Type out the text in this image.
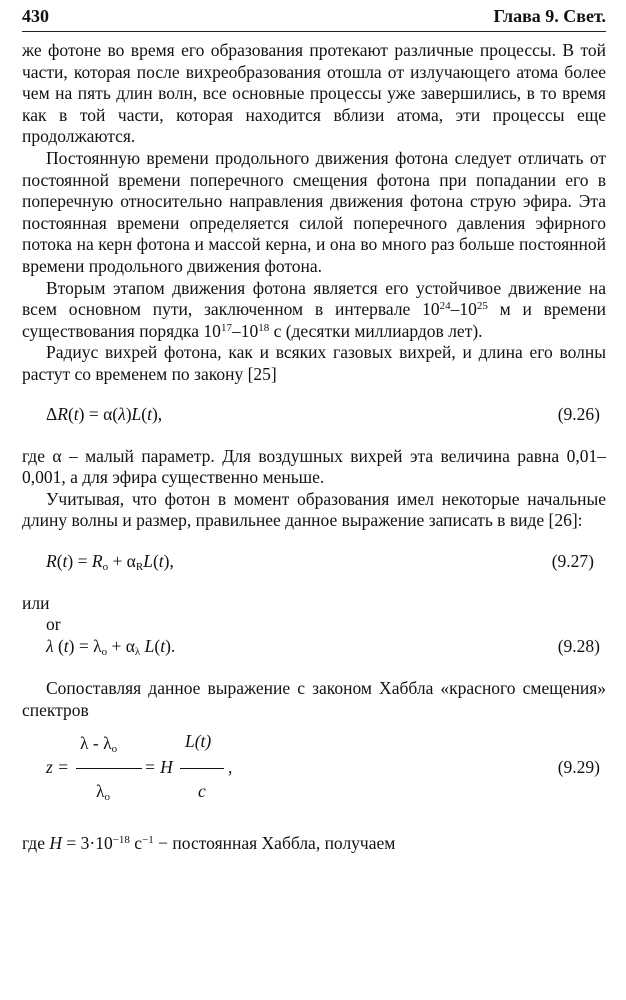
430	Глава 9. Свет.

же фотоне во время его образования протекают различные процессы. В той части, которая после вихреобразования отошла от излучающего атома более чем на пять длин волн, все основные процессы уже завершились, в то время как в той части, которая находится вблизи атома, эти процессы еще продолжаются.

Постоянную времени продольного движения фотона следует отличать от постоянной времени поперечного смещения фотона при попадании его в поперечную относительно направления движения фотона струю эфира. Эта постоянная времени определяется силой поперечного давления эфирного потока на керн фотона и массой керна, и она во много раз больше постоянной времени продольного движения фотона.

Вторым этапом движения фотона является его устойчивое движение на всем основном пути, заключенном в интервале $10^{24}-10^{25}$ м и времени существования порядка $10^{17}-10^{18}$ с (десятки миллиардов лет).

Радиус вихрей фотона, как и всяких газовых вихрей, и длина его волны растут со временем по закону [25]

ΔR(t) = α(λ)L(t),	(9.26)

где α – малый параметр. Для воздушных вихрей эта величина равна 0,01–0,001, а для эфира существенно меньше.

Учитывая, что фотон в момент образования имел некоторые начальные длину волны и размер, правильнее данное выражение записать в виде [26]:

$R(t) = R_o + \alpha_RL(t)$,	(9.27)

или

or

λ $(t) = \lambda_o + \alpha_\lambda$ L(t).	(9.28)

Сопоставляя данное выражение с законом Хаббла «красного смещения» спектров

z =
λ - $\lambda_o$
$\lambda_o$
= H
L(t)
c
,	(9.29)

где $H = 3\cdot 10^{-18}$ $с^{-1}$ − постоянная Хаббла, получаем
